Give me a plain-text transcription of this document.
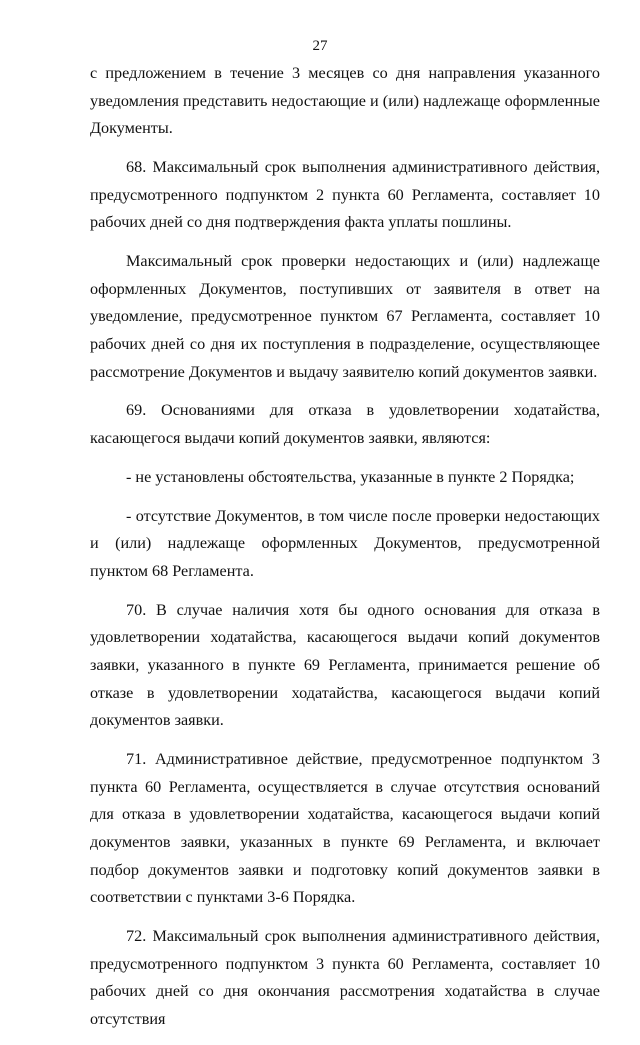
27

с предложением в течение 3 месяцев со дня направления указанного уведомления представить недостающие и (или) надлежаще оформленные Документы.

68. Максимальный срок выполнения административного действия, предусмотренного подпунктом 2 пункта 60 Регламента, составляет 10 рабочих дней со дня подтверждения факта уплаты пошлины.

Максимальный срок проверки недостающих и (или) надлежаще оформленных Документов, поступивших от заявителя в ответ на уведомление, предусмотренное пунктом 67 Регламента, составляет 10 рабочих дней со дня их поступления в подразделение, осуществляющее рассмотрение Документов и выдачу заявителю копий документов заявки.

69. Основаниями для отказа в удовлетворении ходатайства, касающегося выдачи копий документов заявки, являются:

- не установлены обстоятельства, указанные в пункте 2 Порядка;

- отсутствие Документов, в том числе после проверки недостающих и (или) надлежаще оформленных Документов, предусмотренной пунктом 68 Регламента.

70. В случае наличия хотя бы одного основания для отказа в удовлетворении ходатайства, касающегося выдачи копий документов заявки, указанного в пункте 69 Регламента, принимается решение об отказе в удовлетворении ходатайства, касающегося выдачи копий документов заявки.

71. Административное действие, предусмотренное подпунктом 3 пункта 60 Регламента, осуществляется в случае отсутствия оснований для отказа в удовлетворении ходатайства, касающегося выдачи копий документов заявки, указанных в пункте 69 Регламента, и включает подбор документов заявки и подготовку копий документов заявки в соответствии с пунктами 3-6 Порядка.

72. Максимальный срок выполнения административного действия, предусмотренного подпунктом 3 пункта 60 Регламента, составляет 10 рабочих дней со дня окончания рассмотрения ходатайства в случае отсутствия
